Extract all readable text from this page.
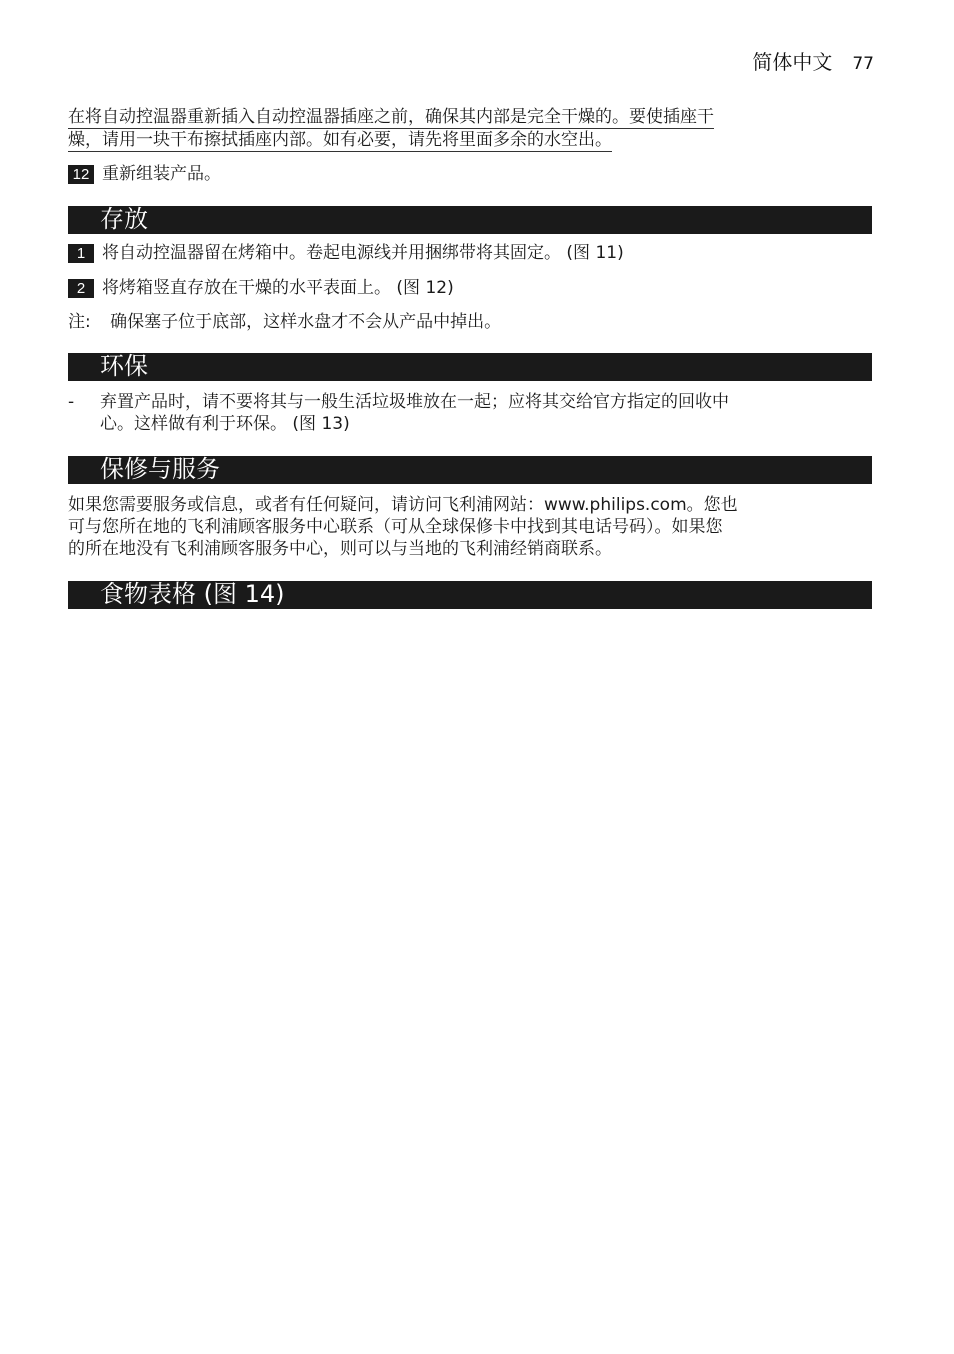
简体中文 77
在将自动控温器重新插入自动控温器插座之前，确保其内部是完全干燥的。要使插座干
燥，请用一块干布擦拭插座内部。如有必要，请先将里面多余的水空出。
12 重新组装产品。
存放
1 将自动控温器留在烤箱中。卷起电源线并用捆绑带将其固定。 (图 11)
2 将烤箱竖直存放在干燥的水平表面上。 (图 12)
注: 确保塞子位于底部，这样水盘才不会从产品中掉出。
环保
-	弃置产品时，请不要将其与一般生活垃圾堆放在一起；应将其交给官方指定的回收中
心。这样做有利于环保。 (图 13)
保修与服务
如果您需要服务或信息，或者有任何疑问，请访问飞利浦网站：www.philips.com。您也
可与您所在地的飞利浦顾客服务中心联系（可从全球保修卡中找到其电话号码）。如果您
的所在地没有飞利浦顾客服务中心，则可以与当地的飞利浦经销商联系。
食物表格 (图 14)
